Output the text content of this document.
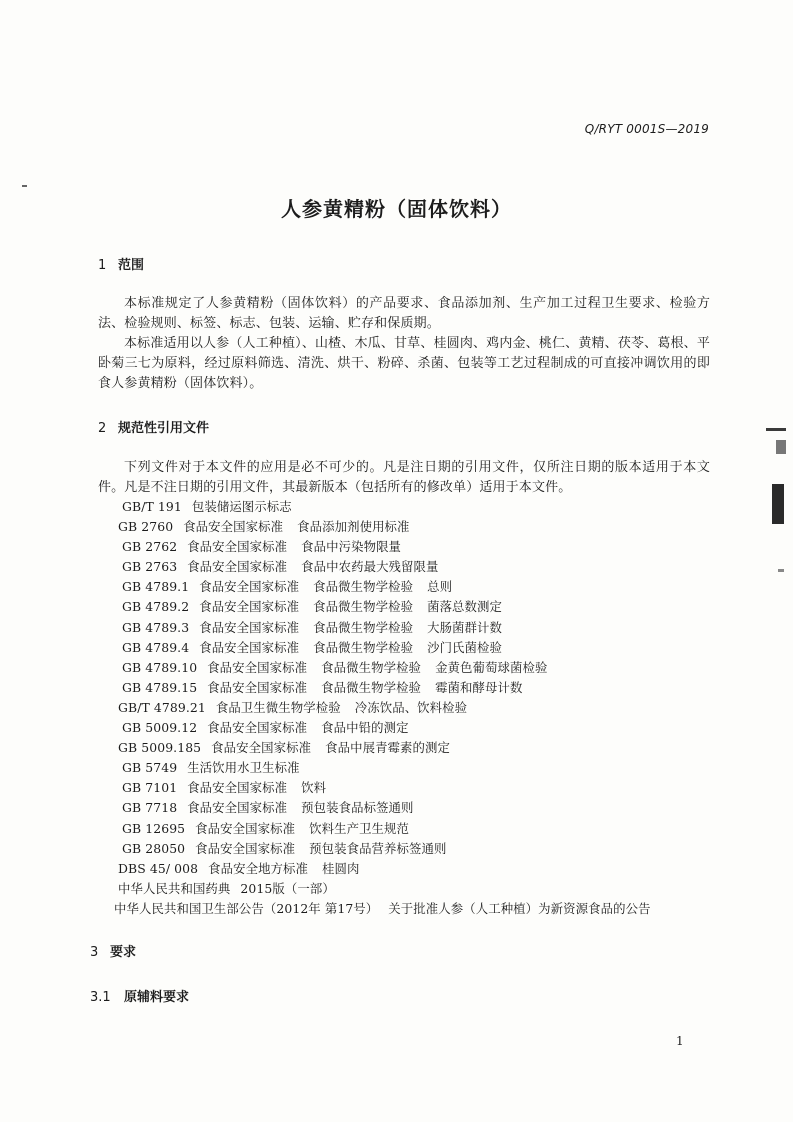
Q/RYT 0001S—2019
人参黄精粉（固体饮料）
1 范围
本标准规定了人参黄精粉（固体饮料）的产品要求、食品添加剂、生产加工过程卫生要求、检验方法、检验规则、标签、标志、包装、运输、贮存和保质期。
本标准适用以人参（人工种植）、山楂、木瓜、甘草、桂圆肉、鸡内金、桃仁、黄精、茯苓、葛根、平卧菊三七为原料，经过原料筛选、清洗、烘干、粉碎、杀菌、包装等工艺过程制成的可直接冲调饮用的即食人参黄精粉（固体饮料）。
2 规范性引用文件
下列文件对于本文件的应用是必不可少的。凡是注日期的引用文件，仅所注日期的版本适用于本文件。凡是不注日期的引用文件，其最新版本（包括所有的修改单）适用于本文件。
GB/T 191 包装储运图示标志
GB 2760 食品安全国家标准 食品添加剂使用标准
GB 2762 食品安全国家标准 食品中污染物限量
GB 2763 食品安全国家标准 食品中农药最大残留限量
GB 4789.1 食品安全国家标准 食品微生物学检验 总则
GB 4789.2 食品安全国家标准 食品微生物学检验 菌落总数测定
GB 4789.3 食品安全国家标准 食品微生物学检验 大肠菌群计数
GB 4789.4 食品安全国家标准 食品微生物学检验 沙门氏菌检验
GB 4789.10 食品安全国家标准 食品微生物学检验 金黄色葡萄球菌检验
GB 4789.15 食品安全国家标准 食品微生物学检验 霉菌和酵母计数
GB/T 4789.21 食品卫生微生物学检验 冷冻饮品、饮料检验
GB 5009.12 食品安全国家标准 食品中铅的测定
GB 5009.185 食品安全国家标准 食品中展青霉素的测定
GB 5749 生活饮用水卫生标准
GB 7101 食品安全国家标准 饮料
GB 7718 食品安全国家标准 预包装食品标签通则
GB 12695 食品安全国家标准 饮料生产卫生规范
GB 28050 食品安全国家标准 预包装食品营养标签通则
DBS 45/ 008 食品安全地方标准 桂圆肉
中华人民共和国药典 2015版（一部）
中华人民共和国卫生部公告（2012年 第17号） 关于批准人参（人工种植）为新资源食品的公告
3 要求
3.1 原辅料要求
1
